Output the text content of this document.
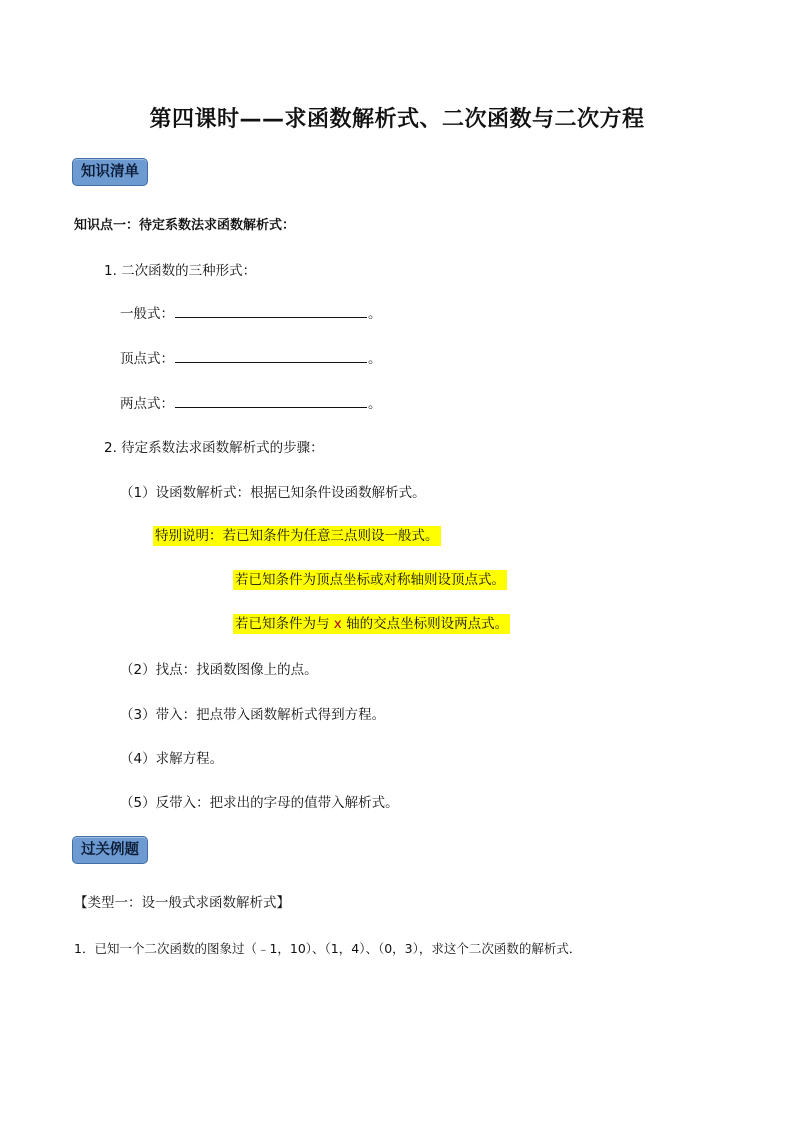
第四课时——求函数解析式、二次函数与二次方程
知识清单
知识点一：待定系数法求函数解析式：
1. 二次函数的三种形式：
一般式：	。
顶点式：	。
两点式：	。
2. 待定系数法求函数解析式的步骤：
（1）设函数解析式：根据已知条件设函数解析式。
特别说明：若已知条件为任意三点则设一般式。
若已知条件为顶点坐标或对称轴则设顶点式。
若已知条件为与 x 轴的交点坐标则设两点式。
（2）找点：找函数图像上的点。
（3）带入：把点带入函数解析式得到方程。
（4）求解方程。
（5）反带入：把求出的字母的值带入解析式。
过关例题
【类型一：设一般式求函数解析式】
1．已知一个二次函数的图象过（﹣1，10）、（1，4）、（0，3），求这个二次函数的解析式．
